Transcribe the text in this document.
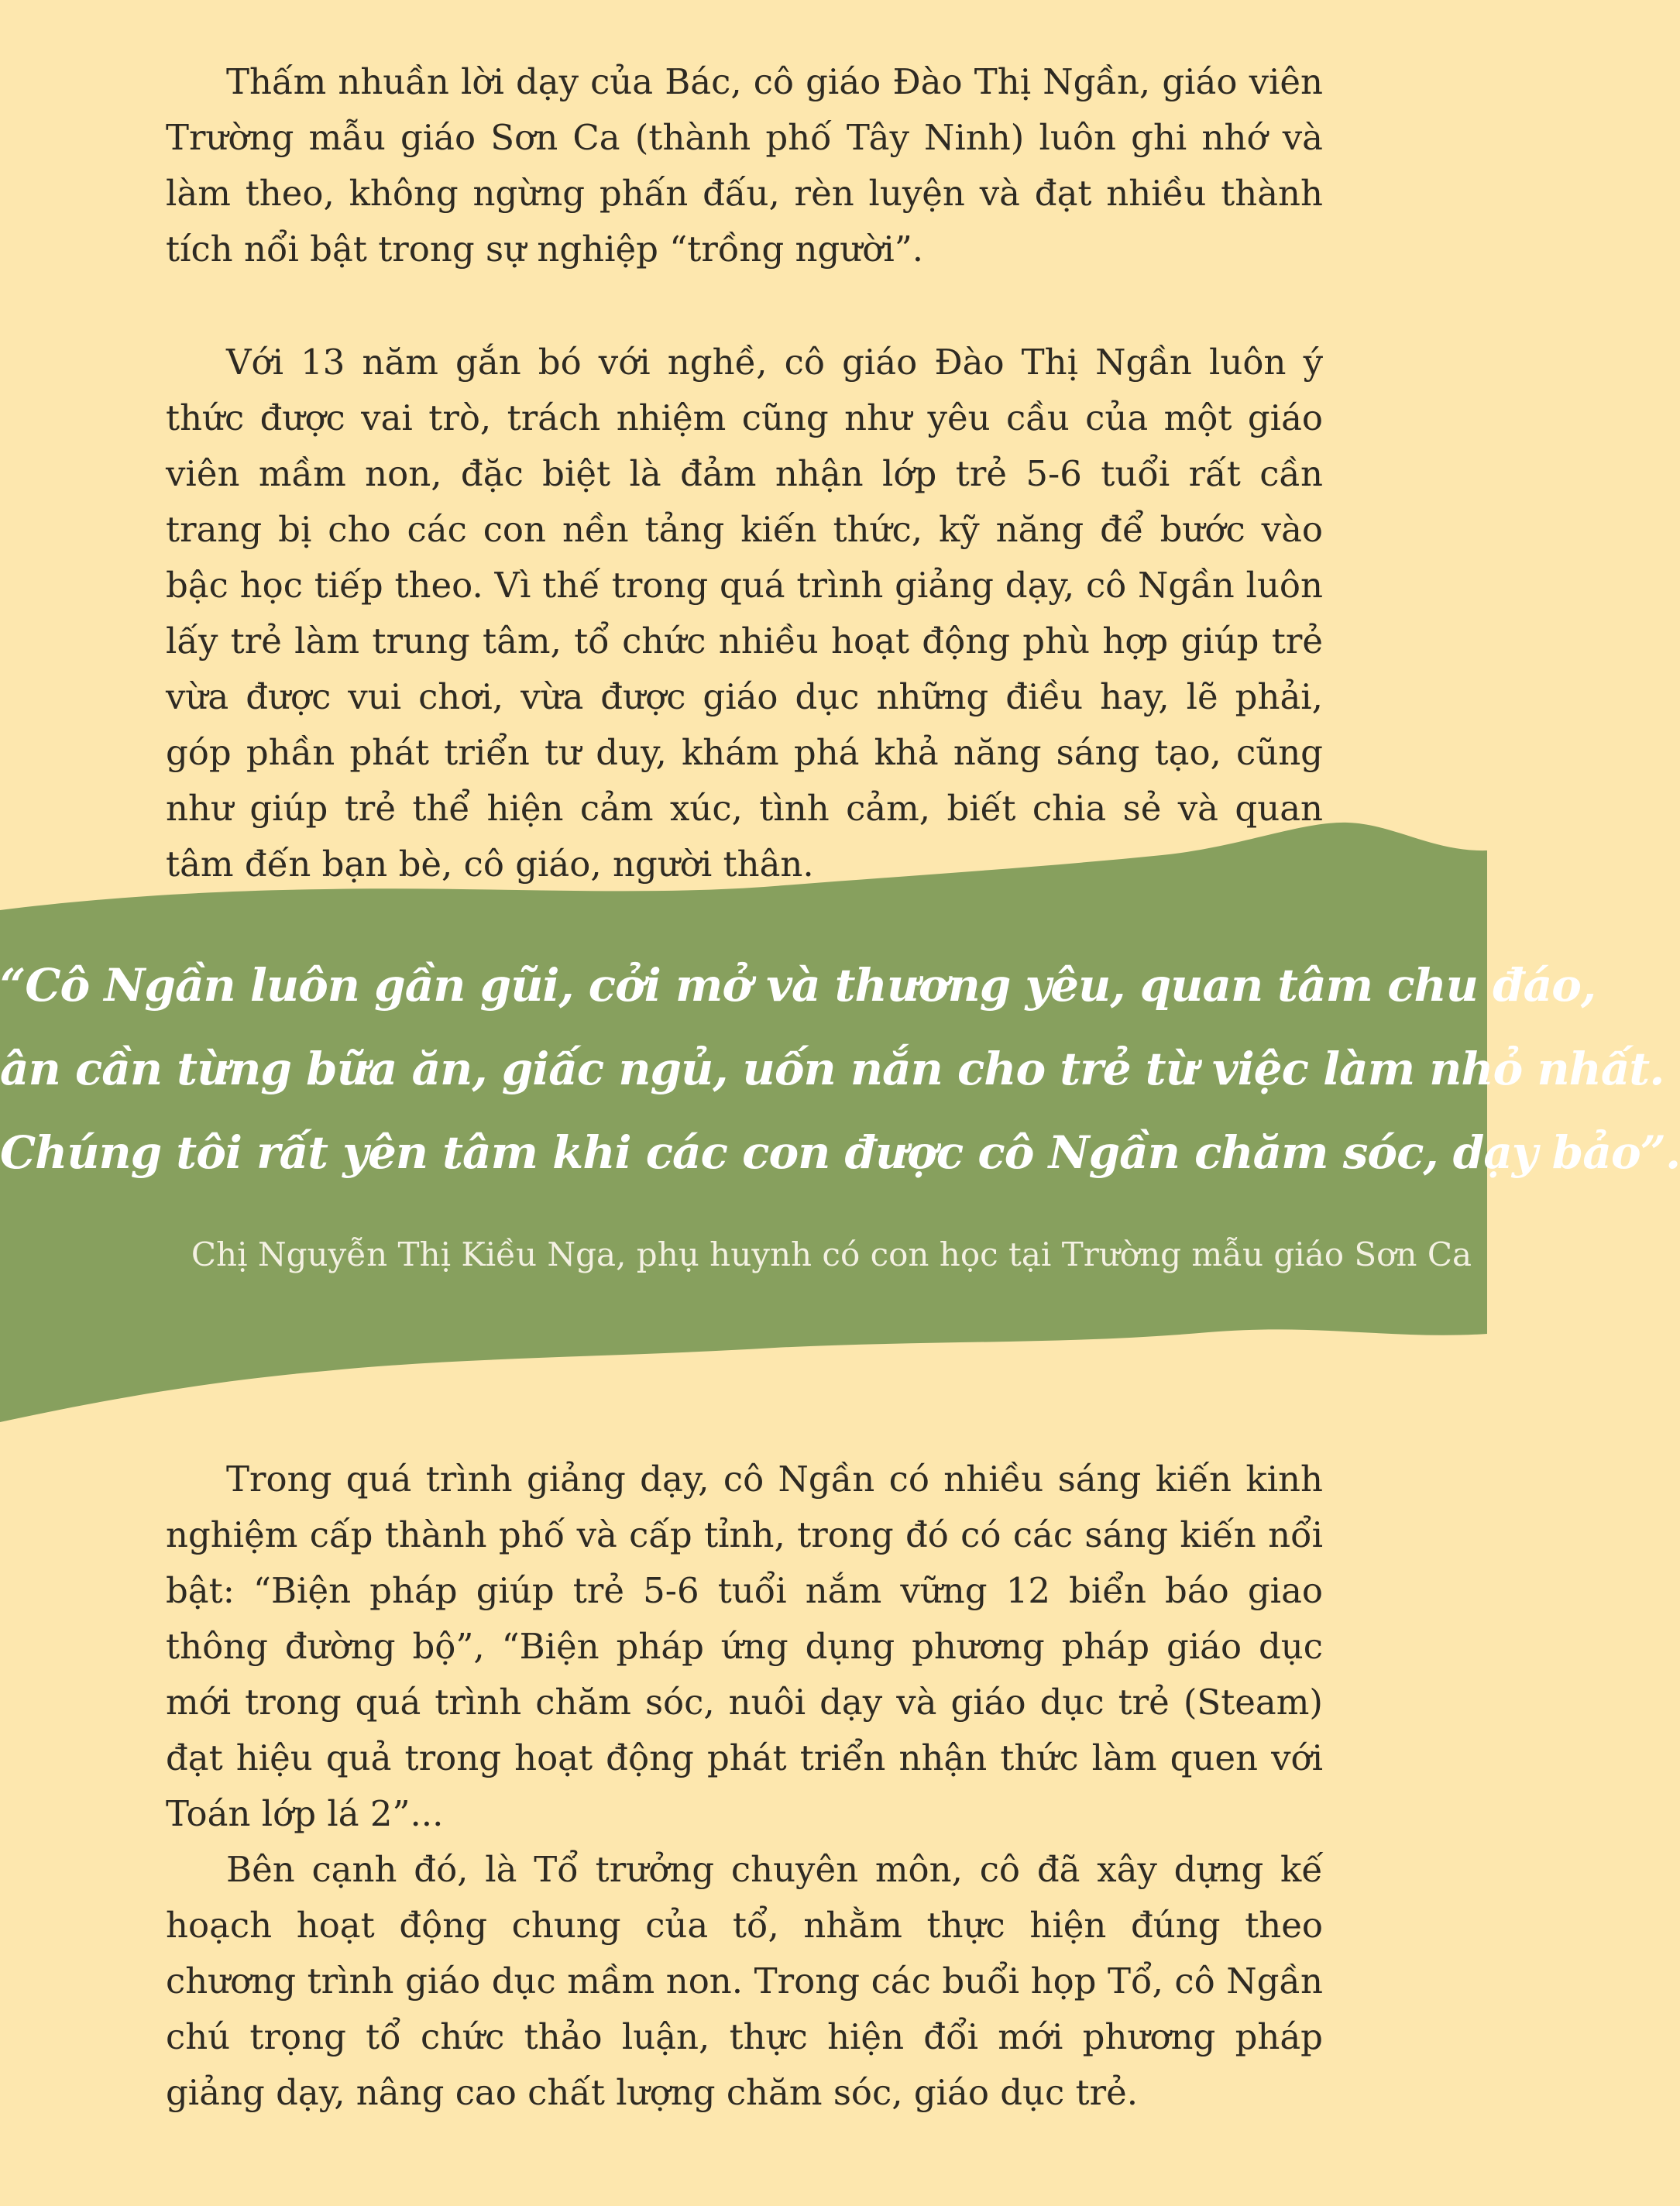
Thấm nhuần lời dạy của Bác, cô giáo Đào Thị Ngần, giáo viên Trường mẫu giáo Sơn Ca (thành phố Tây Ninh) luôn ghi nhớ và làm theo, không ngừng phấn đấu, rèn luyện và đạt nhiều thành tích nổi bật trong sự nghiệp “trồng người”.

Với 13 năm gắn bó với nghề, cô giáo Đào Thị Ngần luôn ý thức được vai trò, trách nhiệm cũng như yêu cầu của một giáo viên mầm non, đặc biệt là đảm nhận lớp trẻ 5-6 tuổi rất cần trang bị cho các con nền tảng kiến thức, kỹ năng để bước vào bậc học tiếp theo. Vì thế trong quá trình giảng dạy, cô Ngần luôn lấy trẻ làm trung tâm, tổ chức nhiều hoạt động phù hợp giúp trẻ vừa được vui chơi, vừa được giáo dục những điều hay, lẽ phải, góp phần phát triển tư duy, khám phá khả năng sáng tạo, cũng như giúp trẻ thể hiện cảm xúc, tình cảm, biết chia sẻ và quan tâm đến bạn bè, cô giáo, người thân.

“Cô Ngần luôn gần gũi, cởi mở và thương yêu, quan tâm chu đáo,
ân cần từng bữa ăn, giấc ngủ, uốn nắn cho trẻ từ việc làm nhỏ nhất.
Chúng tôi rất yên tâm khi các con được cô Ngần chăm sóc, dạy bảo”.

Chị Nguyễn Thị Kiều Nga, phụ huynh có con học tại Trường mẫu giáo Sơn Ca

Trong quá trình giảng dạy, cô Ngần có nhiều sáng kiến kinh nghiệm cấp thành phố và cấp tỉnh, trong đó có các sáng kiến nổi bật: “Biện pháp giúp trẻ 5-6 tuổi nắm vững 12 biển báo giao thông đường bộ”, “Biện pháp ứng dụng phương pháp giáo dục mới trong quá trình chăm sóc, nuôi dạy và giáo dục trẻ (Steam) đạt hiệu quả trong hoạt động phát triển nhận thức làm quen với Toán lớp lá 2”...

Bên cạnh đó, là Tổ trưởng chuyên môn, cô đã xây dựng kế hoạch hoạt động chung của tổ, nhằm thực hiện đúng theo chương trình giáo dục mầm non. Trong các buổi họp Tổ, cô Ngần chú trọng tổ chức thảo luận, thực hiện đổi mới phương pháp giảng dạy, nâng cao chất lượng chăm sóc, giáo dục trẻ.
